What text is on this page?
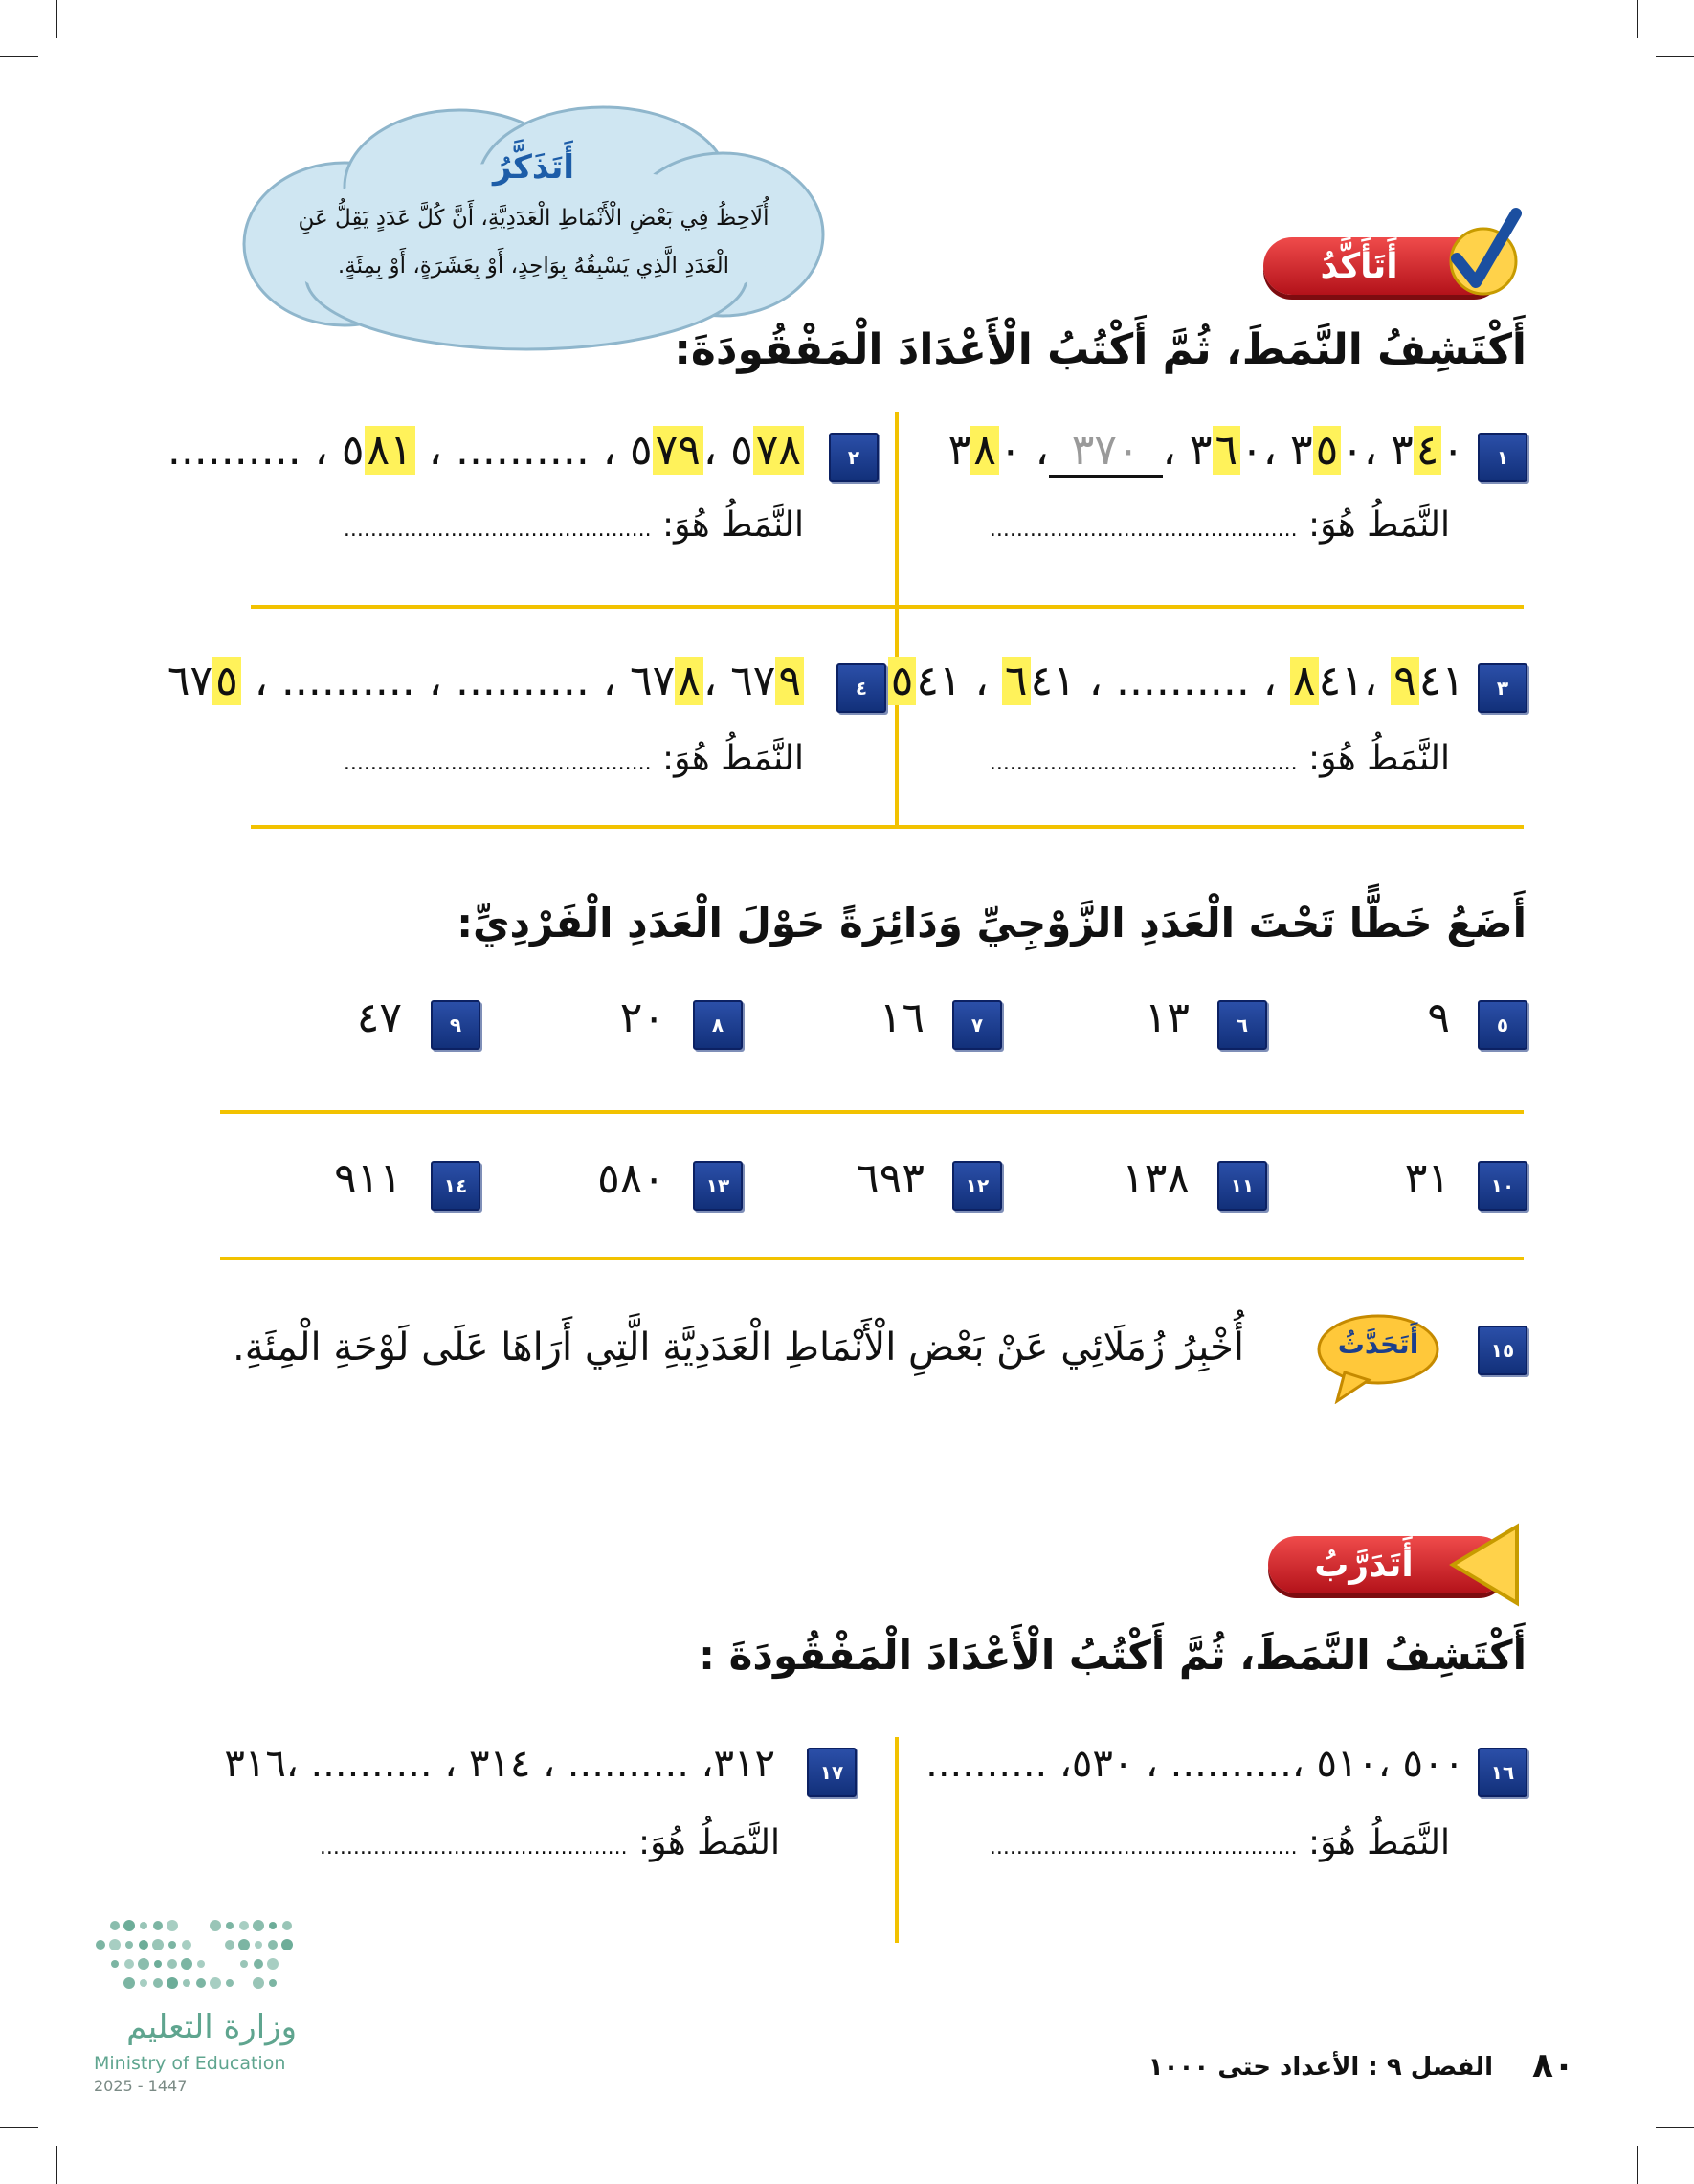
أَتَذَكَّرُ
أُلَاحِظُ فِي بَعْضِ الْأَنْمَاطِ الْعَدَدِيَّةِ، أَنَّ كُلَّ عَدَدٍ يَقِلُّ عَنِ
الْعَدَدِ الَّذِي يَسْبِقُهُ بِوَاحِدٍ، أَوْ بِعَشَرَةٍ، أَوْ بِمِئَةٍ.	أَتَأَكَّدُ
أَكْتَشِفُ النَّمَطَ، ثُمَّ أَكْتُبُ الْأَعْدَادَ الْمَفْقُودَةَ:
١
٣٤٠ ،٣٥٠ ،٣٦٠ ، ٣٧٠ ، ٣٨٠
النَّمَطُ هُوَ: ..............................................
٢
٥٧٨ ،٥٧٩ ، .......... ، ٥٨١ ، ..........
النَّمَطُ هُوَ: ..............................................
٣
٩٤١ ،٨٤١ ، .......... ، ٦٤١ ، ٥٤١
النَّمَطُ هُوَ: ..............................................
٤
٦٧٩ ،٦٧٨ ، .......... ، .......... ، ٦٧٥
النَّمَطُ هُوَ: ..............................................
أَضَعُ خَطًّا تَحْتَ الْعَدَدِ الزَّوْجِيِّ وَدَائِرَةً حَوْلَ الْعَدَدِ الْفَرْدِيِّ:
٥
٩
٦
١٣
٧
١٦
٨
٢٠
٩
٤٧
١٠
٣١
١١
١٣٨
١٢
٦٩٣
١٣
٥٨٠
١٤
٩١١
١٥
أَتَحَدَّثُ
أُخْبِرُ زُمَلَائِي عَنْ بَعْضِ الْأَنْمَاطِ الْعَدَدِيَّةِ الَّتِي أَرَاهَا عَلَى لَوْحَةِ الْمِئَةِ.
أَتَدَرَّبُ
أَكْتَشِفُ النَّمَطَ، ثُمَّ أَكْتُبُ الْأَعْدَادَ الْمَفْقُودَةَ :
١٦
٥٠٠ ،٥١٠ ،.......... ، ٥٣٠، ..........
النَّمَطُ هُوَ: ..............................................
١٧
٣١٢، .......... ، ٣١٤ ، .......... ،٣١٦
النَّمَطُ هُوَ: ..............................................
وزارة التعليم
Ministry of Education
2025 - 1447
٨٠
الفصل ٩ : الأعداد حتى ١٠٠٠
